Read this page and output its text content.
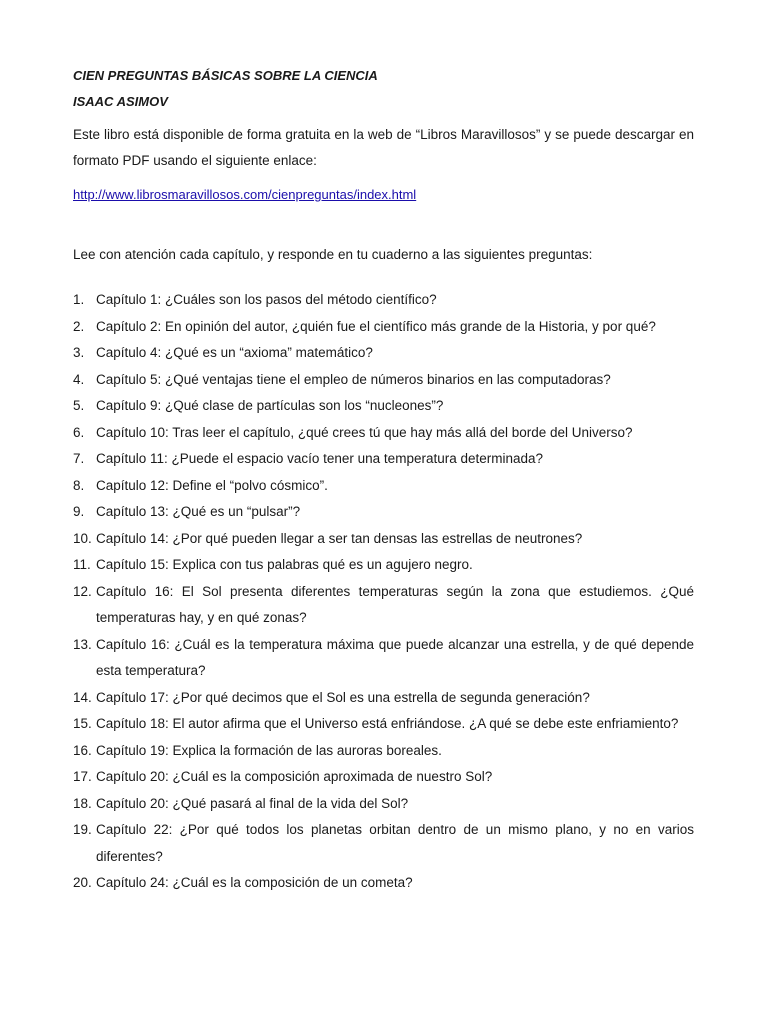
CIEN PREGUNTAS BÁSICAS SOBRE LA CIENCIA

ISAAC ASIMOV

Este libro está disponible de forma gratuita en la web de “Libros Maravillosos” y se puede descargar en formato PDF usando el siguiente enlace:
http://www.librosmaravillosos.com/cienpreguntas/index.html
Lee con atención cada capítulo, y responde en tu cuaderno a las siguientes preguntas:
1. Capítulo 1: ¿Cuáles son los pasos del método científico?
2. Capítulo 2: En opinión del autor, ¿quién fue el científico más grande de la Historia, y por qué?
3. Capítulo 4: ¿Qué es un “axioma” matemático?
4. Capítulo 5: ¿Qué ventajas tiene el empleo de números binarios en las computadoras?
5. Capítulo 9: ¿Qué clase de partículas son los “nucleones”?
6. Capítulo 10: Tras leer el capítulo, ¿qué crees tú que hay más allá del borde del Universo?
7. Capítulo 11: ¿Puede el espacio vacío tener una temperatura determinada?
8. Capítulo 12: Define el “polvo cósmico”.
9. Capítulo 13: ¿Qué es un “pulsar”?
10. Capítulo 14: ¿Por qué pueden llegar a ser tan densas las estrellas de neutrones?
11. Capítulo 15: Explica con tus palabras qué es un agujero negro.
12. Capítulo 16: El Sol presenta diferentes temperaturas según la zona que estudiemos. ¿Qué temperaturas hay, y en qué zonas?
13. Capítulo 16: ¿Cuál es la temperatura máxima que puede alcanzar una estrella, y de qué depende esta temperatura?
14. Capítulo 17: ¿Por qué decimos que el Sol es una estrella de segunda generación?
15. Capítulo 18: El autor afirma que el Universo está enfriándose. ¿A qué se debe este enfriamiento?
16. Capítulo 19: Explica la formación de las auroras boreales.
17. Capítulo 20: ¿Cuál es la composición aproximada de nuestro Sol?
18. Capítulo 20: ¿Qué pasará al final de la vida del Sol?
19. Capítulo 22: ¿Por qué todos los planetas orbitan dentro de un mismo plano, y no en varios diferentes?
20. Capítulo 24: ¿Cuál es la composición de un cometa?
